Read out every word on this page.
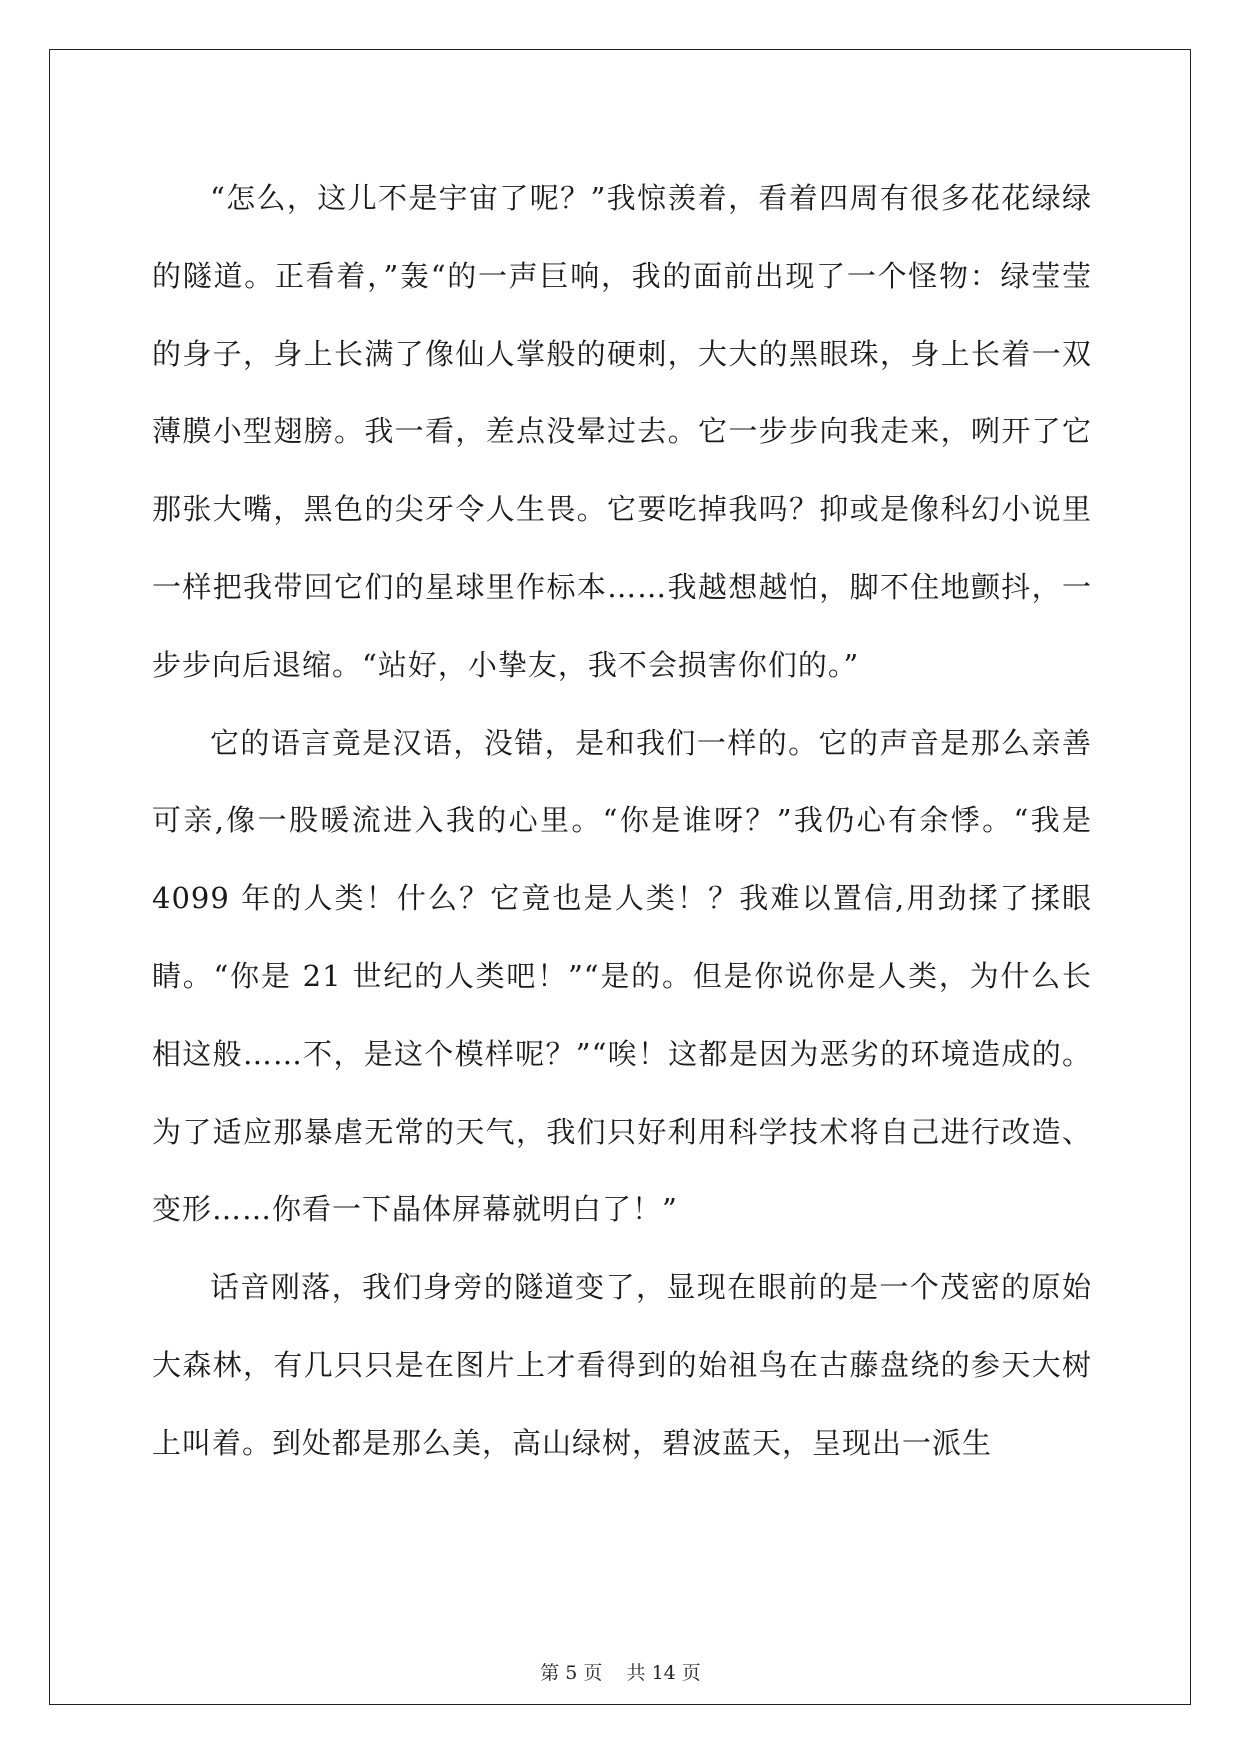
“怎么，这儿不是宇宙了呢？”我惊羡着，看着四周有很多花花绿绿的隧道。正看着，”轰“的一声巨响，我的面前出现了一个怪物：绿莹莹的身子，身上长满了像仙人掌般的硬刺，大大的黑眼珠，身上长着一双薄膜小型翅膀。我一看，差点没晕过去。它一步步向我走来，咧开了它那张大嘴，黑色的尖牙令人生畏。它要吃掉我吗？抑或是像科幻小说里一样把我带回它们的星球里作标本……我越想越怕，脚不住地颤抖，一步步向后退缩。“站好，小挚友，我不会损害你们的。”

它的语言竟是汉语，没错，是和我们一样的。它的声音是那么亲善可亲,像一股暖流进入我的心里。“你是谁呀？”我仍心有余悸。“我是 4099 年的人类！什么？它竟也是人类！？我难以置信,用劲揉了揉眼睛。“你是 21 世纪的人类吧！”“是的。但是你说你是人类，为什么长相这般……不，是这个模样呢？”“唉！这都是因为恶劣的环境造成的。为了适应那暴虐无常的天气，我们只好利用科学技术将自己进行改造、变形……你看一下晶体屏幕就明白了！”

话音刚落，我们身旁的隧道变了，显现在眼前的是一个茂密的原始大森林，有几只只是在图片上才看得到的始祖鸟在古藤盘绕的参天大树上叫着。到处都是那么美，高山绿树，碧波蓝天，呈现出一派生

第 5 页    共 14 页
